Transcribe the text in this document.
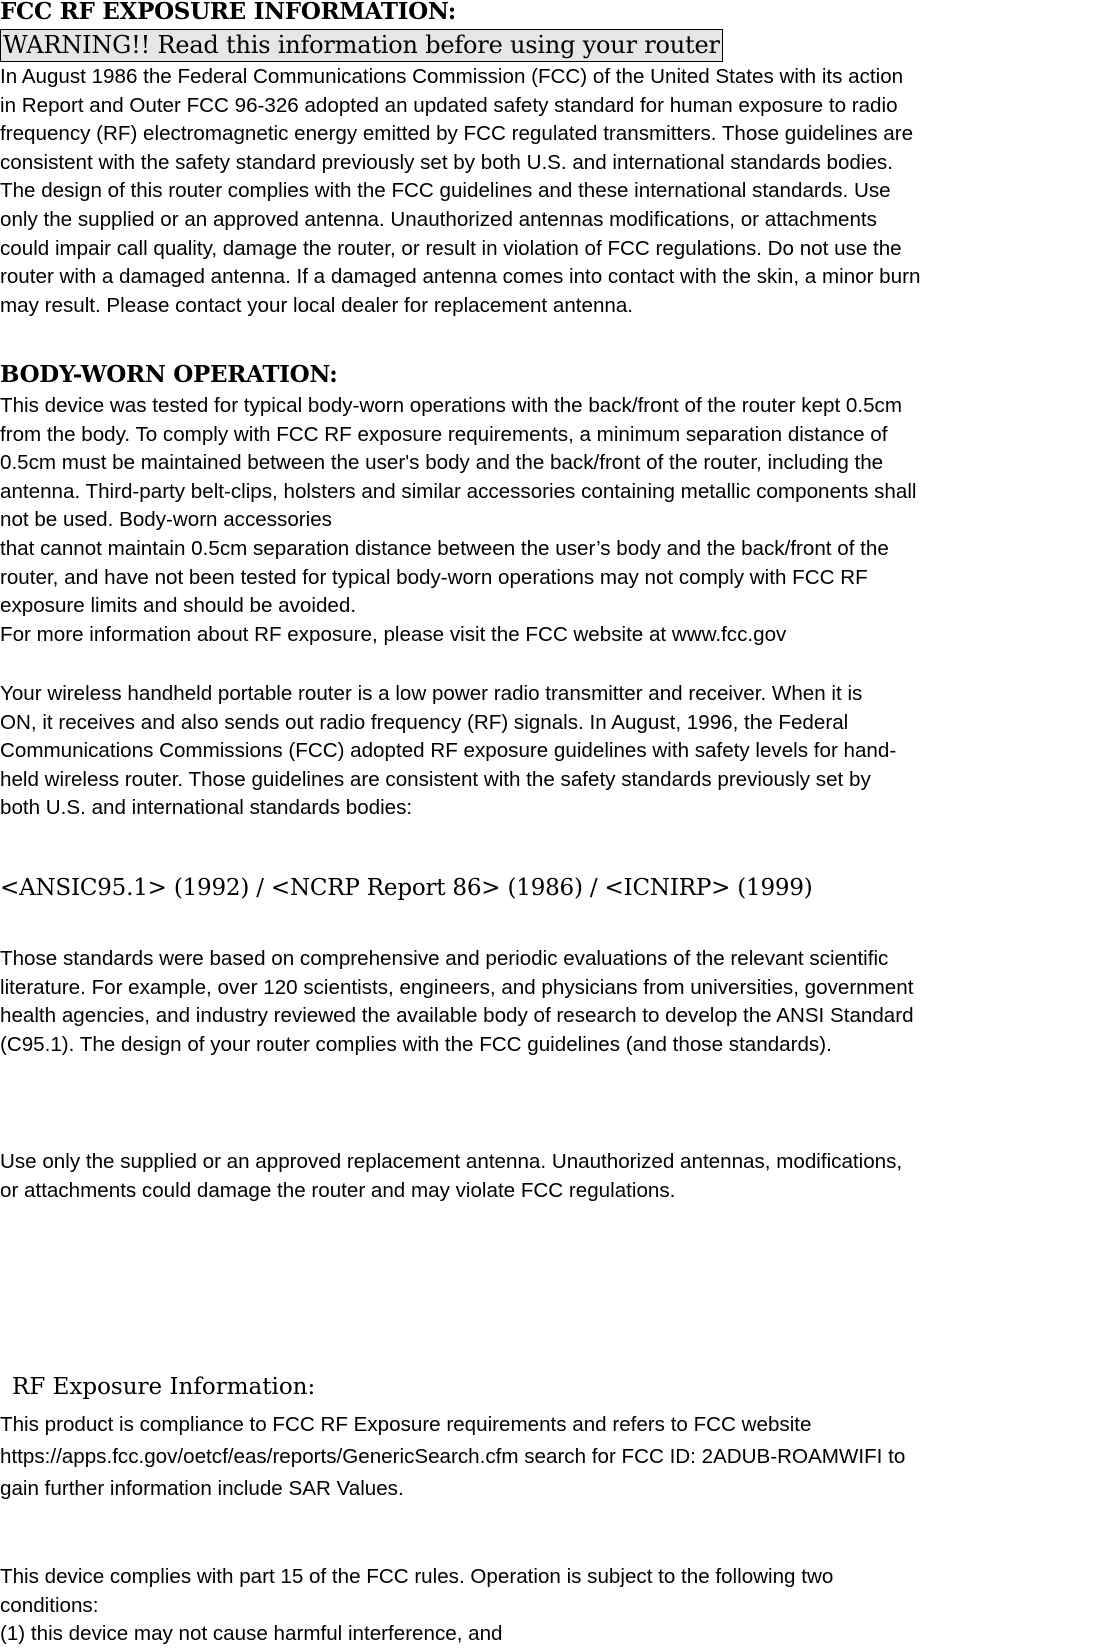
FCC RF EXPOSURE INFORMATION:
WARNING!! Read this information before using your router
In August 1986 the Federal Communications Commission (FCC) of the United States with its action
in Report and Outer FCC 96-326 adopted an updated safety standard for human exposure to radio
frequency (RF) electromagnetic energy emitted by FCC regulated transmitters. Those guidelines are
consistent with the safety standard previously set by both U.S. and international standards bodies.
The design of this router complies with the FCC guidelines and these international standards. Use
only the supplied or an approved antenna. Unauthorized antennas modifications, or attachments
could impair call quality, damage the router, or result in violation of FCC regulations. Do not use the
router with a damaged antenna. If a damaged antenna comes into contact with the skin, a minor burn
may result. Please contact your local dealer for replacement antenna.
BODY-WORN OPERATION:
This device was tested for typical body-worn operations with the back/front of the router kept 0.5cm
from the body. To comply with FCC RF exposure requirements, a minimum separation distance of
0.5cm must be maintained between the user's body and the back/front of the router, including the
antenna. Third-party belt-clips, holsters and similar accessories containing metallic components shall
not be used. Body-worn accessories
that cannot maintain 0.5cm separation distance between the user’s body and the back/front of the
router, and have not been tested for typical body-worn operations may not comply with FCC RF
exposure limits and should be avoided.
For more information about RF exposure, please visit the FCC website at www.fcc.gov
Your wireless handheld portable router is a low power radio transmitter and receiver. When it is
ON, it receives and also sends out radio frequency (RF) signals. In August, 1996, the Federal
Communications Commissions (FCC) adopted RF exposure guidelines with safety levels for hand-
held wireless router. Those guidelines are consistent with the safety standards previously set by
both U.S. and international standards bodies:
<ANSIC95.1> (1992) / <NCRP Report 86> (1986) / <ICNIRP> (1999)
Those standards were based on comprehensive and periodic evaluations of the relevant scientific
literature. For example, over 120 scientists, engineers, and physicians from universities, government
health agencies, and industry reviewed the available body of research to develop the ANSI Standard
(C95.1). The design of your router complies with the FCC guidelines (and those standards).
Use only the supplied or an approved replacement antenna. Unauthorized antennas, modifications,
or attachments could damage the router and may violate FCC regulations.
RF Exposure Information:
This product is compliance to FCC RF Exposure requirements and refers to FCC website
https://apps.fcc.gov/oetcf/eas/reports/GenericSearch.cfm search for FCC ID: 2ADUB-ROAMWIFI to
gain further information include SAR Values.
This device complies with part 15 of the FCC rules. Operation is subject to the following two
conditions:
(1) this device may not cause harmful interference, and
